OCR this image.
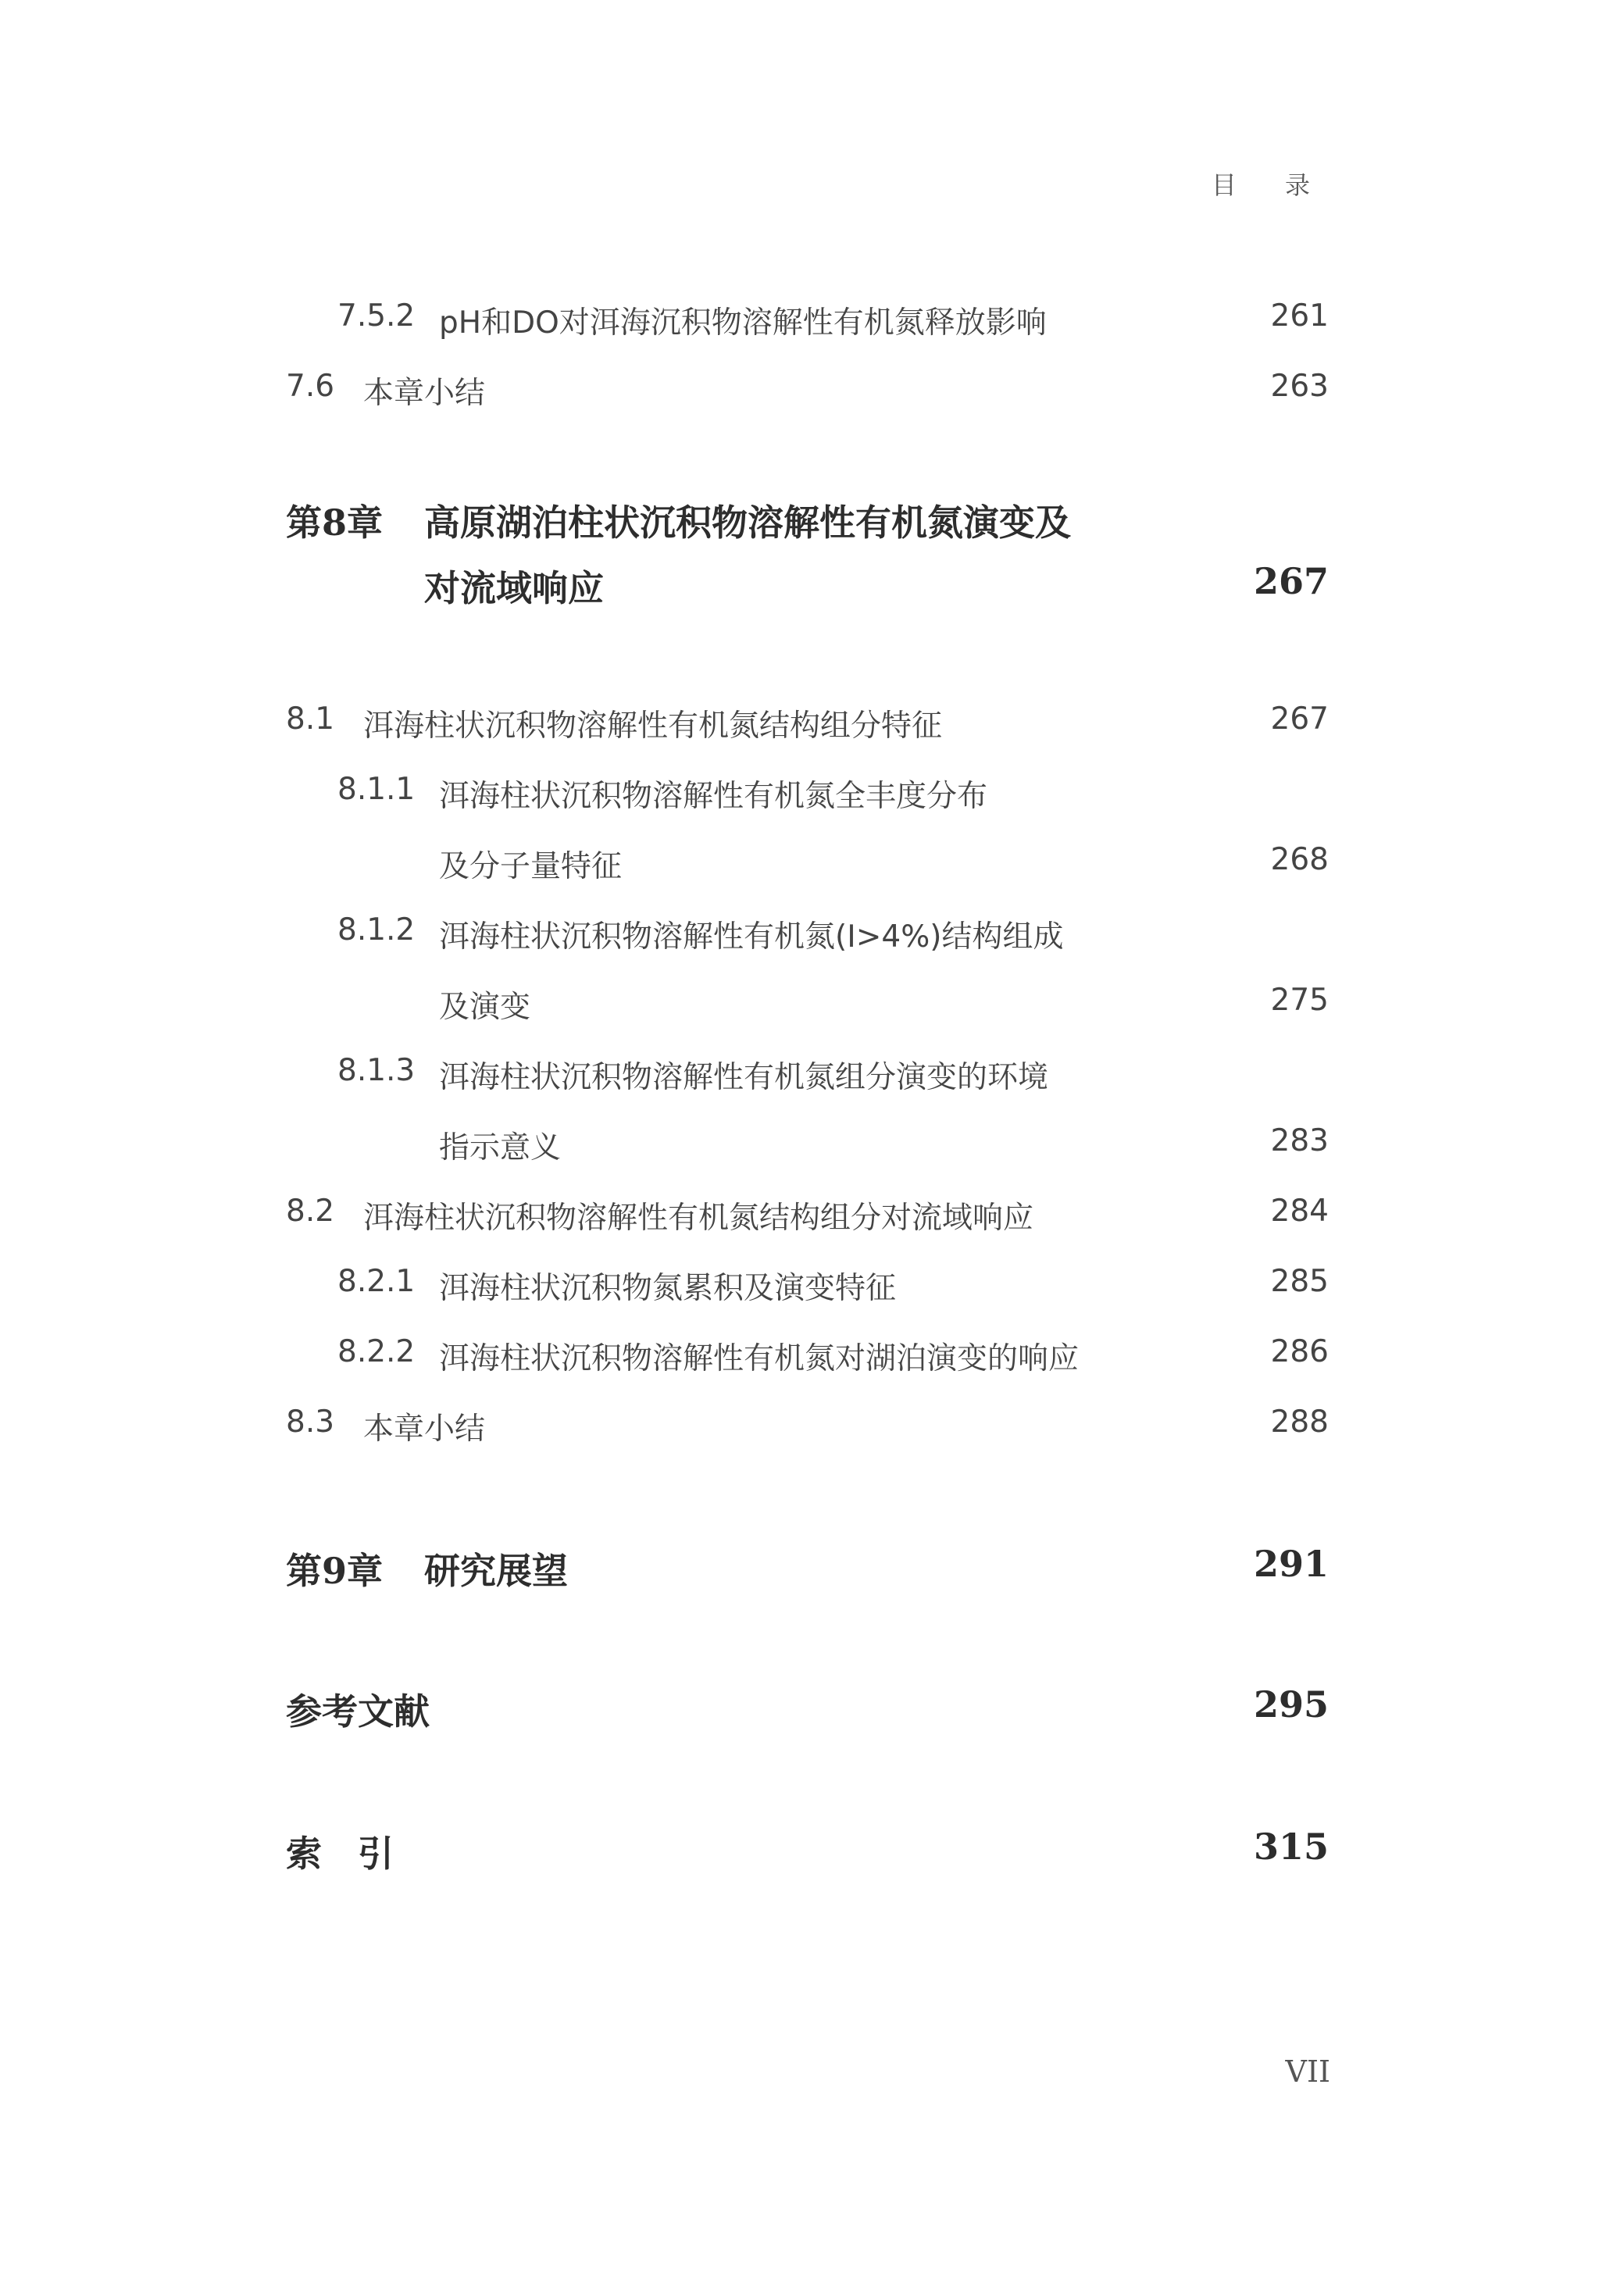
目 录
7.5.2 pH和DO对洱海沉积物溶解性有机氮释放影响	261
7.6 本章小结	263
第8章 高原湖泊柱状沉积物溶解性有机氮演变及
对流域响应	267
8.1 洱海柱状沉积物溶解性有机氮结构组分特征	267
8.1.1 洱海柱状沉积物溶解性有机氮全丰度分布
及分子量特征	268
8.1.2 洱海柱状沉积物溶解性有机氮(I>4%)结构组成
及演变	275
8.1.3 洱海柱状沉积物溶解性有机氮组分演变的环境
指示意义	283
8.2 洱海柱状沉积物溶解性有机氮结构组分对流域响应	284
8.2.1 洱海柱状沉积物氮累积及演变特征	285
8.2.2 洱海柱状沉积物溶解性有机氮对湖泊演变的响应	286
8.3 本章小结	288
第9章 研究展望	291
参考文献	295
索　引	315
VII
